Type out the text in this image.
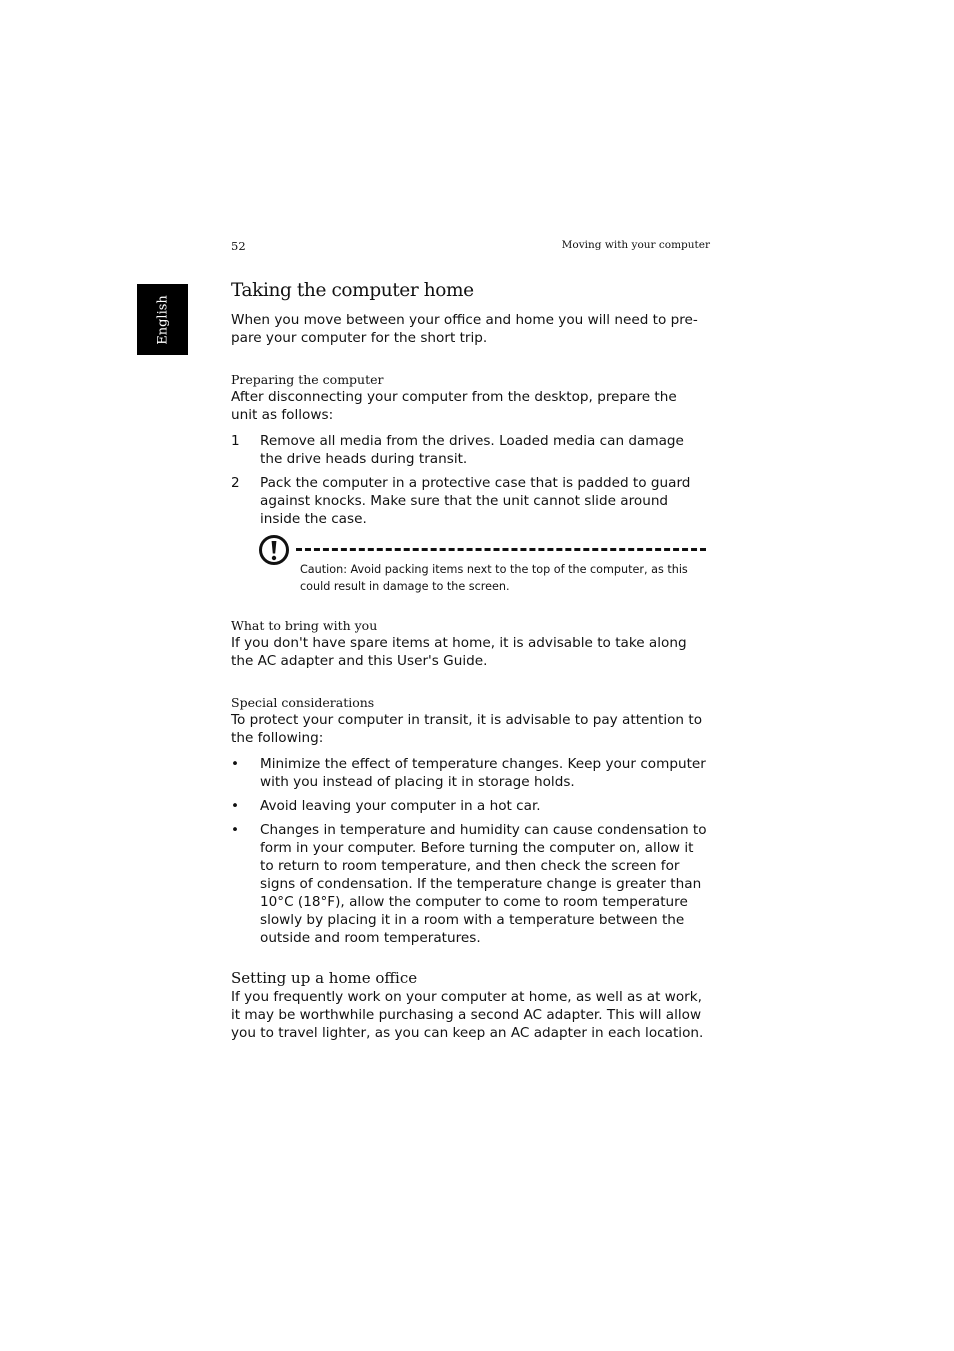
English
52	Moving with your computer
Taking the computer home

When you move between your office and home you will need to pre-pare your computer for the short trip.

Preparing the computer

After disconnecting your computer from the desktop, prepare the unit as follows:

1 Remove all media from the drives. Loaded media can damage the drive heads during transit.
2 Pack the computer in a protective case that is padded to guard against knocks. Make sure that the unit cannot slide around inside the case.
Caution: Avoid packing items next to the top of the computer, as this could result in damage to the screen.
What to bring with you

If you don't have spare items at home, it is advisable to take along the AC adapter and this User's Guide.

Special considerations

To protect your computer in transit, it is advisable to pay attention to the following:

• Minimize the effect of temperature changes. Keep your computer with you instead of placing it in storage holds.
• Avoid leaving your computer in a hot car.
• Changes in temperature and humidity can cause condensation to form in your computer. Before turning the computer on, allow it to return to room temperature, and then check the screen for signs of condensation. If the temperature change is greater than 10°C (18°F), allow the computer to come to room temperature slowly by placing it in a room with a temperature between the outside and room temperatures.
Setting up a home office

If you frequently work on your computer at home, as well as at work, it may be worthwhile purchasing a second AC adapter. This will allow you to travel lighter, as you can keep an AC adapter in each location.
